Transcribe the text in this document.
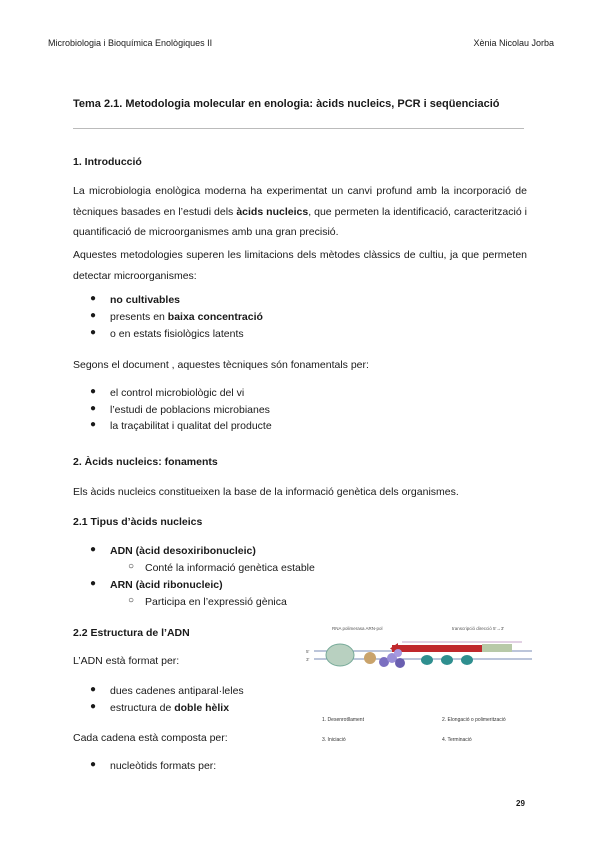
Microbiologia i Bioquímica Enològiques II	Xènia Nicolau Jorba
Tema 2.1. Metodologia molecular en enologia: àcids nucleics, PCR i seqüenciació
1. Introducció
La microbiologia enològica moderna ha experimentat un canvi profund amb la incorporació de tècniques basades en l’estudi dels àcids nucleics, que permeten la identificació, caracterització i quantificació de microorganismes amb una gran precisió.
Aquestes metodologies superen les limitacions dels mètodes clàssics de cultiu, ja que permeten detectar microorganismes:
● no cultivables
● presents en baixa concentració
● o en estats fisiològics latents
Segons el document , aquestes tècniques són fonamentals per:
● el control microbiològic del vi
● l’estudi de poblacions microbianes
● la traçabilitat i qualitat del producte
2. Àcids nucleics: fonaments
Els àcids nucleics constitueixen la base de la informació genètica dels organismes.
2.1 Tipus d’àcids nucleics
● ADN (àcid desoxiribonucleic)
○ Conté la informació genètica estable
● ARN (àcid ribonucleic)
○ Participa en l’expressió gènica
2.2 Estructura de l’ADN
L’ADN està format per:
● dues cadenes antiparal·leles
● estructura de doble hèlix
Cada cadena està composta per:
● nucleòtids formats per:
RNA polimerasa ARN-pol	transcripció direcció 5'→3'
5'
3'
1. Desenrotllament	2. Elongació o polimerització
3. Iniciació	4. Terminació
29
